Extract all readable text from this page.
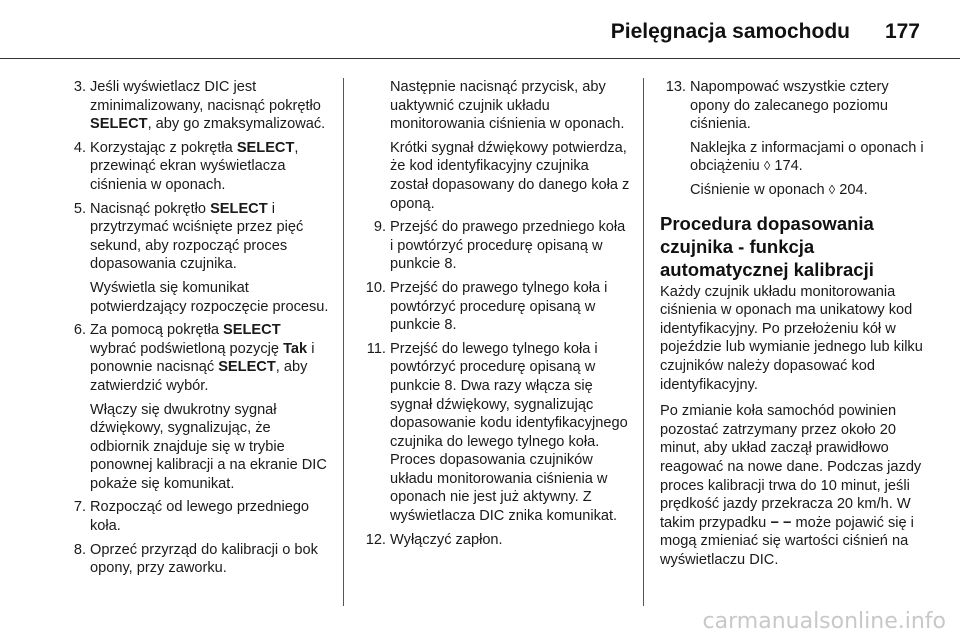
Pielęgnacja samochodu 177
3. Jeśli wyświetlacz DIC jest zminimalizowany, nacisnąć pokrętło SELECT, aby go zmaksymalizować.
4. Korzystając z pokrętła SELECT, przewinąć ekran wyświetlacza ciśnienia w oponach.
5. Nacisnąć pokrętło SELECT i przytrzymać wciśnięte przez pięć sekund, aby rozpocząć proces dopasowania czujnika.
Wyświetla się komunikat potwierdzający rozpoczęcie procesu.
6. Za pomocą pokrętła SELECT wybrać podświetloną pozycję Tak i ponownie nacisnąć SELECT, aby zatwierdzić wybór.
Włączy się dwukrotny sygnał dźwiękowy, sygnalizując, że odbiornik znajduje się w trybie ponownej kalibracji a na ekranie DIC pokaże się komunikat.
7. Rozpocząć od lewego przedniego koła.
8. Oprzeć przyrząd do kalibracji o bok opony, przy zaworku.
Następnie nacisnąć przycisk, aby uaktywnić czujnik układu monitorowania ciśnienia w oponach.
Krótki sygnał dźwiękowy potwierdza, że kod identyfikacyjny czujnika został dopasowany do danego koła z oponą.
9. Przejść do prawego przedniego koła i powtórzyć procedurę opisaną w punkcie 8.
10. Przejść do prawego tylnego koła i powtórzyć procedurę opisaną w punkcie 8.
11. Przejść do lewego tylnego koła i powtórzyć procedurę opisaną w punkcie 8. Dwa razy włącza się sygnał dźwiękowy, sygnalizując dopasowanie kodu identyfikacyjnego czujnika do lewego tylnego koła. Proces dopasowania czujników układu monitorowania ciśnienia w oponach nie jest już aktywny. Z wyświetlacza DIC znika komunikat.
12. Wyłączyć zapłon.
13. Napompować wszystkie cztery opony do zalecanego poziomu ciśnienia.
Naklejka z informacjami o oponach i obciążeniu ◊ 174.
Ciśnienie w oponach ◊ 204.
Procedura dopasowania czujnika - funkcja automatycznej kalibracji
Każdy czujnik układu monitorowania ciśnienia w oponach ma unikatowy kod identyfikacyjny. Po przełożeniu kół w pojeździe lub wymianie jednego lub kilku czujników należy dopasować kod identyfikacyjny.
Po zmianie koła samochód powinien pozostać zatrzymany przez około 20 minut, aby układ zaczął prawidłowo reagować na nowe dane. Podczas jazdy proces kalibracji trwa do 10 minut, jeśli prędkość jazdy przekracza 20 km/h. W takim przypadku − − może pojawić się i mogą zmieniać się wartości ciśnień na wyświetlaczu DIC.
carmanualsonline.info
